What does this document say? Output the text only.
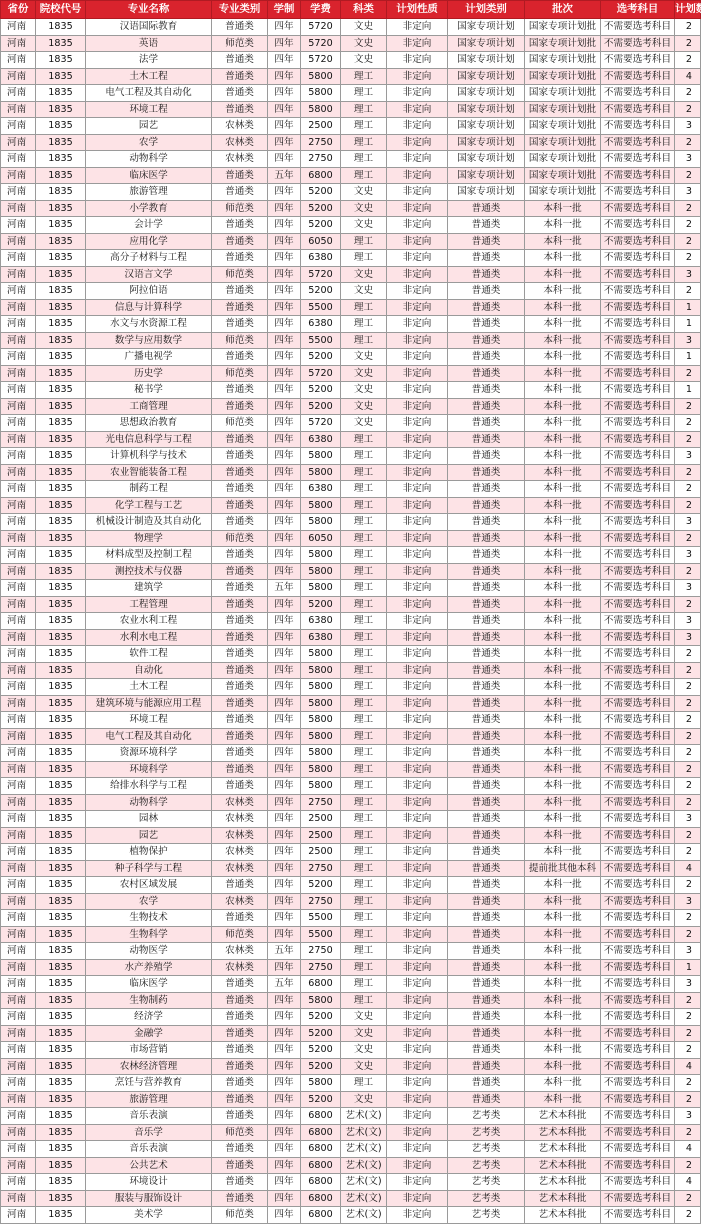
省份	院校代号	专业名称	专业类别	学制	学费	科类	计划性质	计划类别	批次	选考科目	计划数
河南	1835	汉语国际教育	普通类	四年	5720	文史	非定向	国家专项计划	国家专项计划批	不需要选考科目	2
河南	1835	英语	师范类	四年	5720	文史	非定向	国家专项计划	国家专项计划批	不需要选考科目	2
河南	1835	法学	普通类	四年	5720	文史	非定向	国家专项计划	国家专项计划批	不需要选考科目	2
河南	1835	土木工程	普通类	四年	5800	理工	非定向	国家专项计划	国家专项计划批	不需要选考科目	4
河南	1835	电气工程及其自动化	普通类	四年	5800	理工	非定向	国家专项计划	国家专项计划批	不需要选考科目	2
河南	1835	环境工程	普通类	四年	5800	理工	非定向	国家专项计划	国家专项计划批	不需要选考科目	2
河南	1835	园艺	农林类	四年	2500	理工	非定向	国家专项计划	国家专项计划批	不需要选考科目	3
河南	1835	农学	农林类	四年	2750	理工	非定向	国家专项计划	国家专项计划批	不需要选考科目	2
河南	1835	动物科学	农林类	四年	2750	理工	非定向	国家专项计划	国家专项计划批	不需要选考科目	3
河南	1835	临床医学	普通类	五年	6800	理工	非定向	国家专项计划	国家专项计划批	不需要选考科目	2
河南	1835	旅游管理	普通类	四年	5200	文史	非定向	国家专项计划	国家专项计划批	不需要选考科目	3
河南	1835	小学教育	师范类	四年	5200	文史	非定向	普通类	本科一批	不需要选考科目	2
河南	1835	会计学	普通类	四年	5200	文史	非定向	普通类	本科一批	不需要选考科目	2
河南	1835	应用化学	普通类	四年	6050	理工	非定向	普通类	本科一批	不需要选考科目	2
河南	1835	高分子材料与工程	普通类	四年	6380	理工	非定向	普通类	本科一批	不需要选考科目	2
河南	1835	汉语言文学	师范类	四年	5720	文史	非定向	普通类	本科一批	不需要选考科目	3
河南	1835	阿拉伯语	普通类	四年	5200	文史	非定向	普通类	本科一批	不需要选考科目	2
河南	1835	信息与计算科学	普通类	四年	5500	理工	非定向	普通类	本科一批	不需要选考科目	1
河南	1835	水文与水资源工程	普通类	四年	6380	理工	非定向	普通类	本科一批	不需要选考科目	1
河南	1835	数学与应用数学	师范类	四年	5500	理工	非定向	普通类	本科一批	不需要选考科目	3
河南	1835	广播电视学	普通类	四年	5200	文史	非定向	普通类	本科一批	不需要选考科目	1
河南	1835	历史学	师范类	四年	5720	文史	非定向	普通类	本科一批	不需要选考科目	2
河南	1835	秘书学	普通类	四年	5200	文史	非定向	普通类	本科一批	不需要选考科目	1
河南	1835	工商管理	普通类	四年	5200	文史	非定向	普通类	本科一批	不需要选考科目	2
河南	1835	思想政治教育	师范类	四年	5720	文史	非定向	普通类	本科一批	不需要选考科目	2
河南	1835	光电信息科学与工程	普通类	四年	6380	理工	非定向	普通类	本科一批	不需要选考科目	2
河南	1835	计算机科学与技术	普通类	四年	5800	理工	非定向	普通类	本科一批	不需要选考科目	3
河南	1835	农业智能装备工程	普通类	四年	5800	理工	非定向	普通类	本科一批	不需要选考科目	2
河南	1835	制药工程	普通类	四年	6380	理工	非定向	普通类	本科一批	不需要选考科目	2
河南	1835	化学工程与工艺	普通类	四年	5800	理工	非定向	普通类	本科一批	不需要选考科目	2
河南	1835	机械设计制造及其自动化	普通类	四年	5800	理工	非定向	普通类	本科一批	不需要选考科目	3
河南	1835	物理学	师范类	四年	6050	理工	非定向	普通类	本科一批	不需要选考科目	2
河南	1835	材料成型及控制工程	普通类	四年	5800	理工	非定向	普通类	本科一批	不需要选考科目	3
河南	1835	测控技术与仪器	普通类	四年	5800	理工	非定向	普通类	本科一批	不需要选考科目	2
河南	1835	建筑学	普通类	五年	5800	理工	非定向	普通类	本科一批	不需要选考科目	3
河南	1835	工程管理	普通类	四年	5200	理工	非定向	普通类	本科一批	不需要选考科目	2
河南	1835	农业水利工程	普通类	四年	6380	理工	非定向	普通类	本科一批	不需要选考科目	3
河南	1835	水利水电工程	普通类	四年	6380	理工	非定向	普通类	本科一批	不需要选考科目	3
河南	1835	软件工程	普通类	四年	5800	理工	非定向	普通类	本科一批	不需要选考科目	2
河南	1835	自动化	普通类	四年	5800	理工	非定向	普通类	本科一批	不需要选考科目	2
河南	1835	土木工程	普通类	四年	5800	理工	非定向	普通类	本科一批	不需要选考科目	2
河南	1835	建筑环境与能源应用工程	普通类	四年	5800	理工	非定向	普通类	本科一批	不需要选考科目	2
河南	1835	环境工程	普通类	四年	5800	理工	非定向	普通类	本科一批	不需要选考科目	2
河南	1835	电气工程及其自动化	普通类	四年	5800	理工	非定向	普通类	本科一批	不需要选考科目	2
河南	1835	资源环境科学	普通类	四年	5800	理工	非定向	普通类	本科一批	不需要选考科目	2
河南	1835	环境科学	普通类	四年	5800	理工	非定向	普通类	本科一批	不需要选考科目	2
河南	1835	给排水科学与工程	普通类	四年	5800	理工	非定向	普通类	本科一批	不需要选考科目	2
河南	1835	动物科学	农林类	四年	2750	理工	非定向	普通类	本科一批	不需要选考科目	2
河南	1835	园林	农林类	四年	2500	理工	非定向	普通类	本科一批	不需要选考科目	3
河南	1835	园艺	农林类	四年	2500	理工	非定向	普通类	本科一批	不需要选考科目	2
河南	1835	植物保护	农林类	四年	2500	理工	非定向	普通类	本科一批	不需要选考科目	2
河南	1835	种子科学与工程	农林类	四年	2750	理工	非定向	普通类	提前批其他本科	不需要选考科目	4
河南	1835	农村区域发展	普通类	四年	5200	理工	非定向	普通类	本科一批	不需要选考科目	2
河南	1835	农学	农林类	四年	2750	理工	非定向	普通类	本科一批	不需要选考科目	3
河南	1835	生物技术	普通类	四年	5500	理工	非定向	普通类	本科一批	不需要选考科目	2
河南	1835	生物科学	师范类	四年	5500	理工	非定向	普通类	本科一批	不需要选考科目	2
河南	1835	动物医学	农林类	五年	2750	理工	非定向	普通类	本科一批	不需要选考科目	3
河南	1835	水产养殖学	农林类	四年	2750	理工	非定向	普通类	本科一批	不需要选考科目	1
河南	1835	临床医学	普通类	五年	6800	理工	非定向	普通类	本科一批	不需要选考科目	3
河南	1835	生物制药	普通类	四年	5800	理工	非定向	普通类	本科一批	不需要选考科目	2
河南	1835	经济学	普通类	四年	5200	文史	非定向	普通类	本科一批	不需要选考科目	2
河南	1835	金融学	普通类	四年	5200	文史	非定向	普通类	本科一批	不需要选考科目	2
河南	1835	市场营销	普通类	四年	5200	文史	非定向	普通类	本科一批	不需要选考科目	2
河南	1835	农林经济管理	普通类	四年	5200	文史	非定向	普通类	本科一批	不需要选考科目	4
河南	1835	烹饪与营养教育	普通类	四年	5800	理工	非定向	普通类	本科一批	不需要选考科目	2
河南	1835	旅游管理	普通类	四年	5200	文史	非定向	普通类	本科一批	不需要选考科目	2
河南	1835	音乐表演	普通类	四年	6800	艺术(文)	非定向	艺考类	艺术本科批	不需要选考科目	3
河南	1835	音乐学	师范类	四年	6800	艺术(文)	非定向	艺考类	艺术本科批	不需要选考科目	2
河南	1835	音乐表演	普通类	四年	6800	艺术(文)	非定向	艺考类	艺术本科批	不需要选考科目	4
河南	1835	公共艺术	普通类	四年	6800	艺术(文)	非定向	艺考类	艺术本科批	不需要选考科目	2
河南	1835	环境设计	普通类	四年	6800	艺术(文)	非定向	艺考类	艺术本科批	不需要选考科目	4
河南	1835	服装与服饰设计	普通类	四年	6800	艺术(文)	非定向	艺考类	艺术本科批	不需要选考科目	2
河南	1835	美术学	师范类	四年	6800	艺术(文)	非定向	艺考类	艺术本科批	不需要选考科目	2
